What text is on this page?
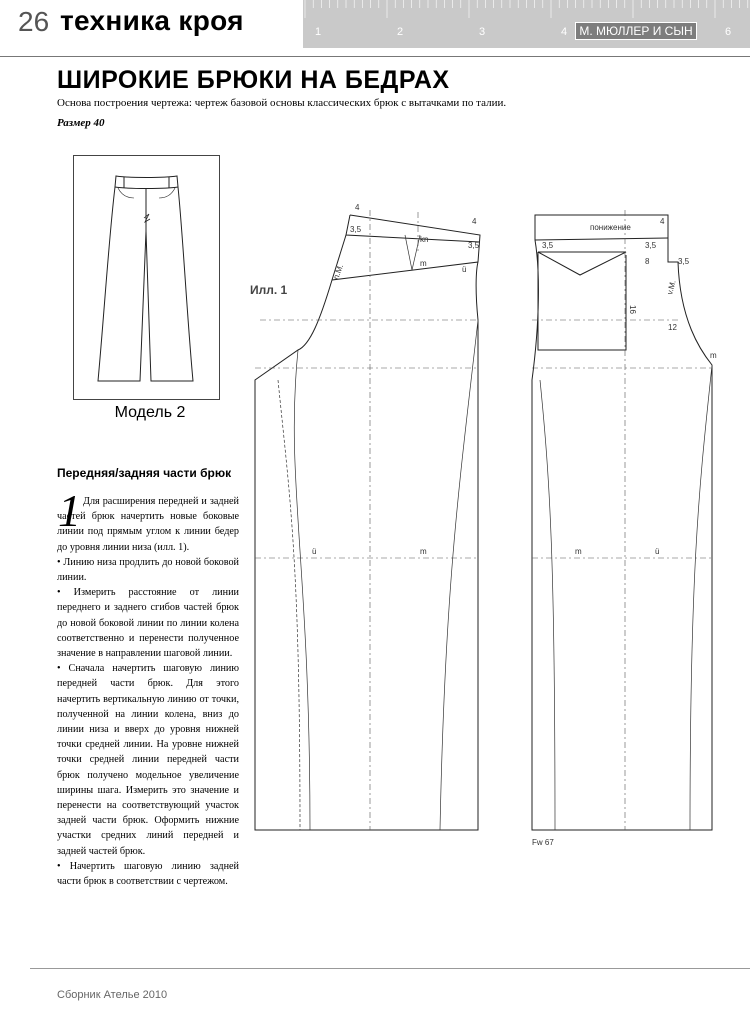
26 техника кроя	1	2	3	4	6
М. МЮЛЛЕР И СЫН
ШИРОКИЕ БРЮКИ НА БЕДРАХ
Основа построения чертежа: чертеж базовой основы классических брюк с вытачками по талии.
Размер 40
Модель 2
Илл. 1
4
4
3,5
3,5
kn
m
ü
n.M.
ü	m
понижение
4
3,5	3,5
8	3,5
16
12
v.M.
m
m	ü
Fw 67
Передняя/задняя части брюк
1 Для расширения передней и задней частей брюк начертить новые боковые линии под прямым углом к линии бедер до уровня линии низа (илл. 1).

• Линию низа продлить до новой боковой линии.

• Измерить расстояние от линии переднего и заднего сгибов частей брюк до новой боковой линии по линии колена соответственно и перенести полученное значение в направлении шаговой линии.

• Сначала начертить шаговую линию передней части брюк. Для этого начертить вертикальную линию от точки, полученной на линии колена, вниз до линии низа и вверх до уровня нижней точки средней линии. На уровне нижней точки средней линии передней части брюк получено модельное увеличение ширины шага. Измерить это значение и перенести на соответствующий участок задней части брюк. Оформить нижние участки средних линий передней и задней частей брюк.

• Начертить шаговую линию задней части брюк в соответствии с чертежом.

Сборник Ателье 2010
